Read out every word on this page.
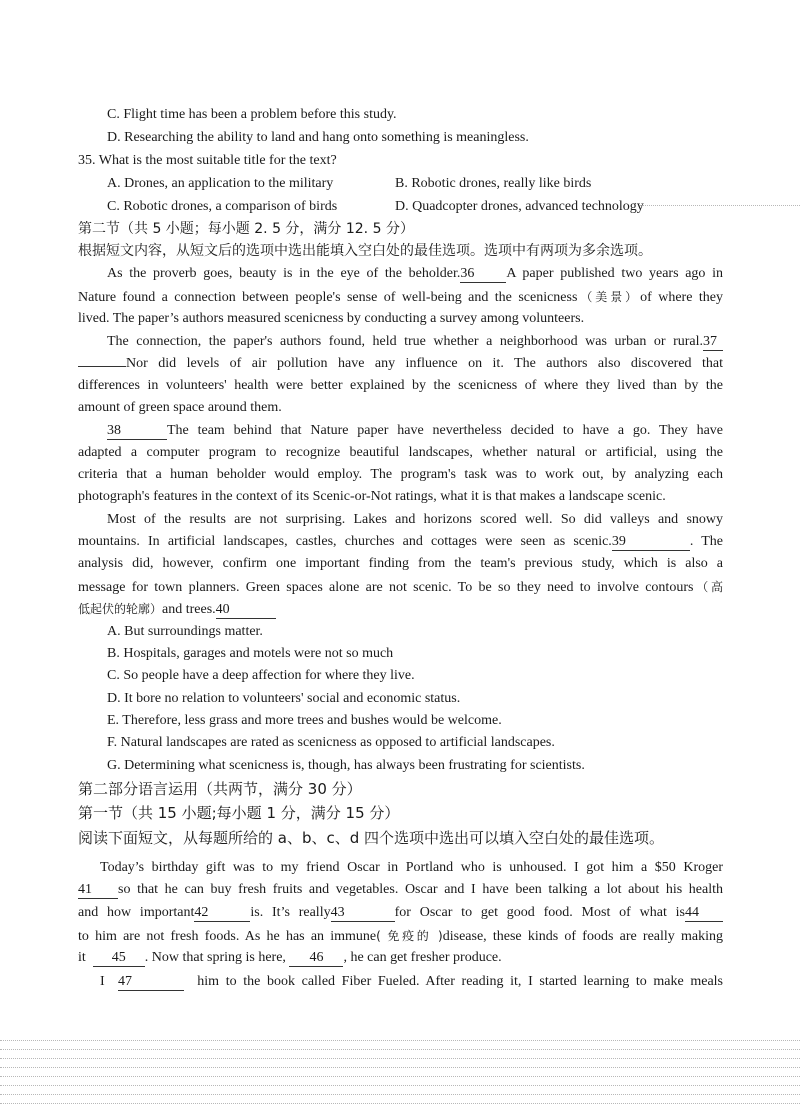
C. Flight time has been a problem before this study.
D. Researching the ability to land and hang onto something is meaningless.
35. What is the most suitable title for the text?
A. Drones, an application to the military	B. Robotic drones, really like birds
C. Robotic drones, a comparison of birds	D. Quadcopter drones, advanced technology
第二节（共 5 小题；每小题 2. 5 分，满分 12. 5 分）
根据短文内容，从短文后的选项中选出能填入空白处的最佳选项。选项中有两项为多余选项。
As the proverb goes, beauty is in the eye of the beholder.36 A paper published two years ago in
Nature found a connection between people's sense of well-being and the scenicness（美景）of where they
lived. The paper’s authors measured scenicness by conducting a survey among volunteers.
The connection, the paper's authors found, held true whether a neighborhood was urban or rural.37
Nor did levels of air pollution have any influence on it. The authors also discovered that
differences in volunteers' health were better explained by the scenicness of where they lived than by the
amount of green space around them.
38	The team behind that Nature paper have nevertheless decided to have a go. They have
adapted a computer program to recognize beautiful landscapes, whether natural or artificial, using the
criteria that a human beholder would employ. The program's task was to work out, by analyzing each
photograph's features in the context of its Scenic-or-Not ratings, what it is that makes a landscape scenic.
Most of the results are not surprising. Lakes and horizons scored well. So did valleys and snowy
mountains. In artificial landscapes, castles, churches and cottages were seen as scenic.39	. The
analysis did, however, confirm one important finding from the team's previous study, which is also a
message for town planners. Green spaces alone are not scenic. To be so they need to involve contours（高
低起伏的轮廓）and trees.40
A. But surroundings matter.
B. Hospitals, garages and motels were not so much
C. So people have a deep affection for where they live.
D. It bore no relation to volunteers' social and economic status.
E. Therefore, less grass and more trees and bushes would be welcome.
F. Natural landscapes are rated as scenicness as opposed to artificial landscapes.
G. Determining what scenicness is, though, has always been frustrating for scientists.
第二部分语言运用（共两节，满分 30 分）
第一节（共 15 小题;每小题 1 分，满分 15 分）
阅读下面短文，从每题所给的 a、b、c、d 四个选项中选出可以填入空白处的最佳选项。
Today’s birthday gift was to my friend Oscar in Portland who is unhoused. I got him a $50 Kroger
41 so that he can buy fresh fruits and vegetables. Oscar and I have been talking a lot about his health
and how important42	is. It’s really43	for Oscar to get good food. Most of what is44
to him are not fresh foods. As he has an immune( 免疫的 )disease, these kinds of foods are really making
it 45 . Now that spring is here, 46 , he can get fresher produce.
I 47	him to the book called Fiber Fueled. After reading it, I started learning to make meals
